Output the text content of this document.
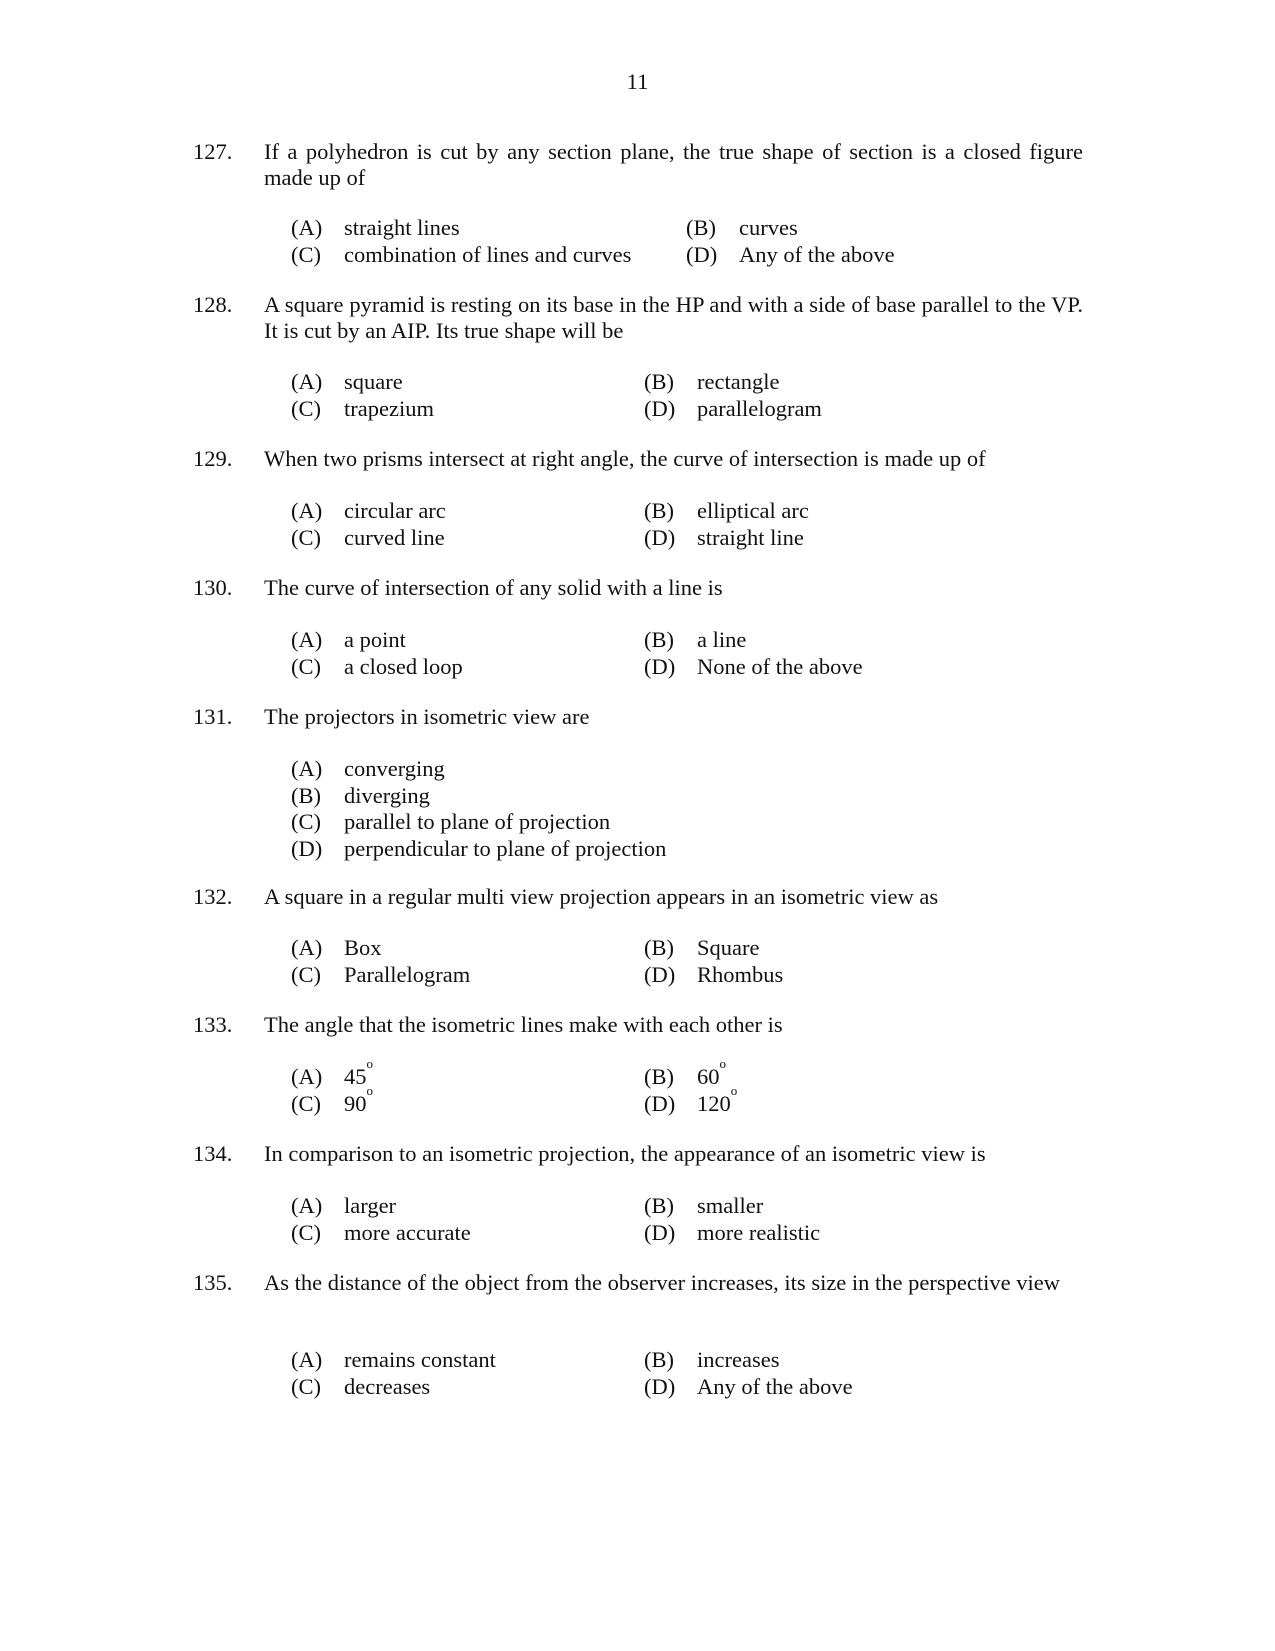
11
127. If a polyhedron is cut by any section plane, the true shape of section is a closed figure made up of
(A) straight lines	(B)	curves
(C)	combination of lines and curves (D) Any of the above
128. A square pyramid is resting on its base in the HP and with a side of base parallel to the VP. It is cut by an AIP. Its true shape will be
(A) square	(B)	rectangle
(C)	trapezium	(D) parallelogram
129. When two prisms intersect at right angle, the curve of intersection is made up of
(A) circular arc	(B)	elliptical arc
(C)	curved line	(D) straight line
130. The curve of intersection of any solid with a line is
(A) a point	(B)	a line
(C)	a closed loop	(D) None of the above
131. The projectors in isometric view are
(A) converging
(B)	diverging
(C)	parallel to plane of projection
(D) perpendicular to plane of projection
132. A square in a regular multi view projection appears in an isometric view as
(A) Box	(B)	Square
(C)	Parallelogram	(D) Rhombus
133. The angle that the isometric lines make with each other is
(A) 45
o
(B)	60
o
(C)	90
o
(D) 120
o
134. In comparison to an isometric projection, the appearance of an isometric view is
(A) larger	(B)	smaller
(C)	more accurate	(D) more realistic
135. As the distance of the object from the observer increases, its size in the perspective view
(A) remains constant	(B)	increases
(C)	decreases	(D) Any of the above
